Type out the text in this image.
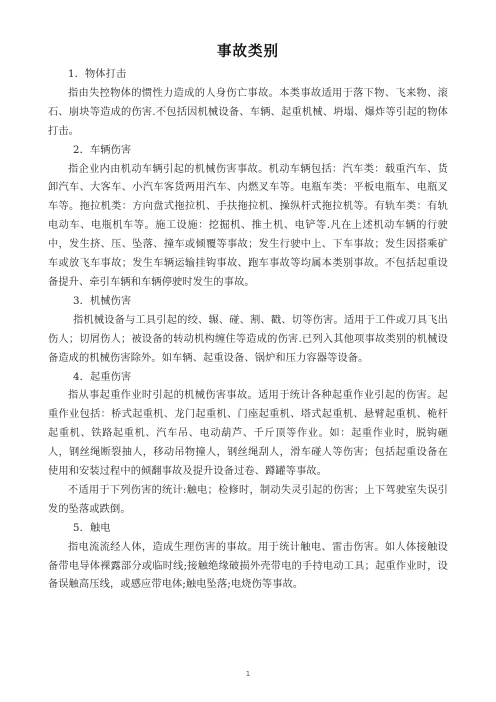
事故类别

1．物体打击

指由失控物体的惯性力造成的人身伤亡事故。本类事故适用于落下物、飞来物、滚石、崩块等造成的伤害.不包括因机械设备、车辆、起重机械、坍塌、爆炸等引起的物体打击。

2．车辆伤害

指企业内由机动车辆引起的机械伤害事故。机动车辆包括：汽车类：载重汽车、货卸汽车、大客车、小汽车客货两用汽车、内燃叉车等。电瓶车类：平板电瓶车、电瓶叉车等。拖拉机类：方向盘式拖拉机、手扶拖拉机、操纵杆式拖拉机等。有轨车类：有轨电动车、电瓶机车等。施工设施：挖掘机、推土机、电铲等.凡在上述机动车辆的行驶中，发生挤、压、坠落、撞车或倾覆等事故；发生行驶中上、下车事故；发生因搭乘矿车或放飞车事故；发生车辆运输挂钩事故、跑车事故等均属本类别事故。不包括起重设备提升、牵引车辆和车辆停驶时发生的事故。

3．机械伤害

指机械设备与工具引起的绞、辗、碰、割、戳、切等伤害。适用于工件或刀具飞出伤人；切屑伤人；被设备的转动机构缠住等造成的伤害.已列入其他项事故类别的机械设备造成的机械伤害除外。如车辆、起重设备、锅炉和压力容器等设备。

4．起重伤害

指从事起重作业时引起的机械伤害事故。适用于统计各种起重作业引起的伤害。起重作业包括：桥式起重机、龙门起重机、门座起重机、塔式起重机、悬臂起重机、桅杆起重机、铁路起重机、汽车吊、电动葫芦、千斤顶等作业。如：起重作业时，脱钩砸人，钢丝绳断裂抽人，移动吊物撞人，钢丝绳刮人，滑车碰人等伤害；包括起重设备在使用和安装过程中的倾翻事故及提升设备过卷、蹲罐等事故。

不适用于下列伤害的统计:触电；检修时，制动失灵引起的伤害；上下驾驶室失误引发的坠落或跌倒。

5．触电

指电流流经人体，造成生理伤害的事故。用于统计触电、雷击伤害。如人体接触设备带电导体裸露部分或临时线;接触绝缘破损外壳带电的手持电动工具；起重作业时，设备误触高压线，或感应带电体;触电坠落;电烧伤等事故。

1
